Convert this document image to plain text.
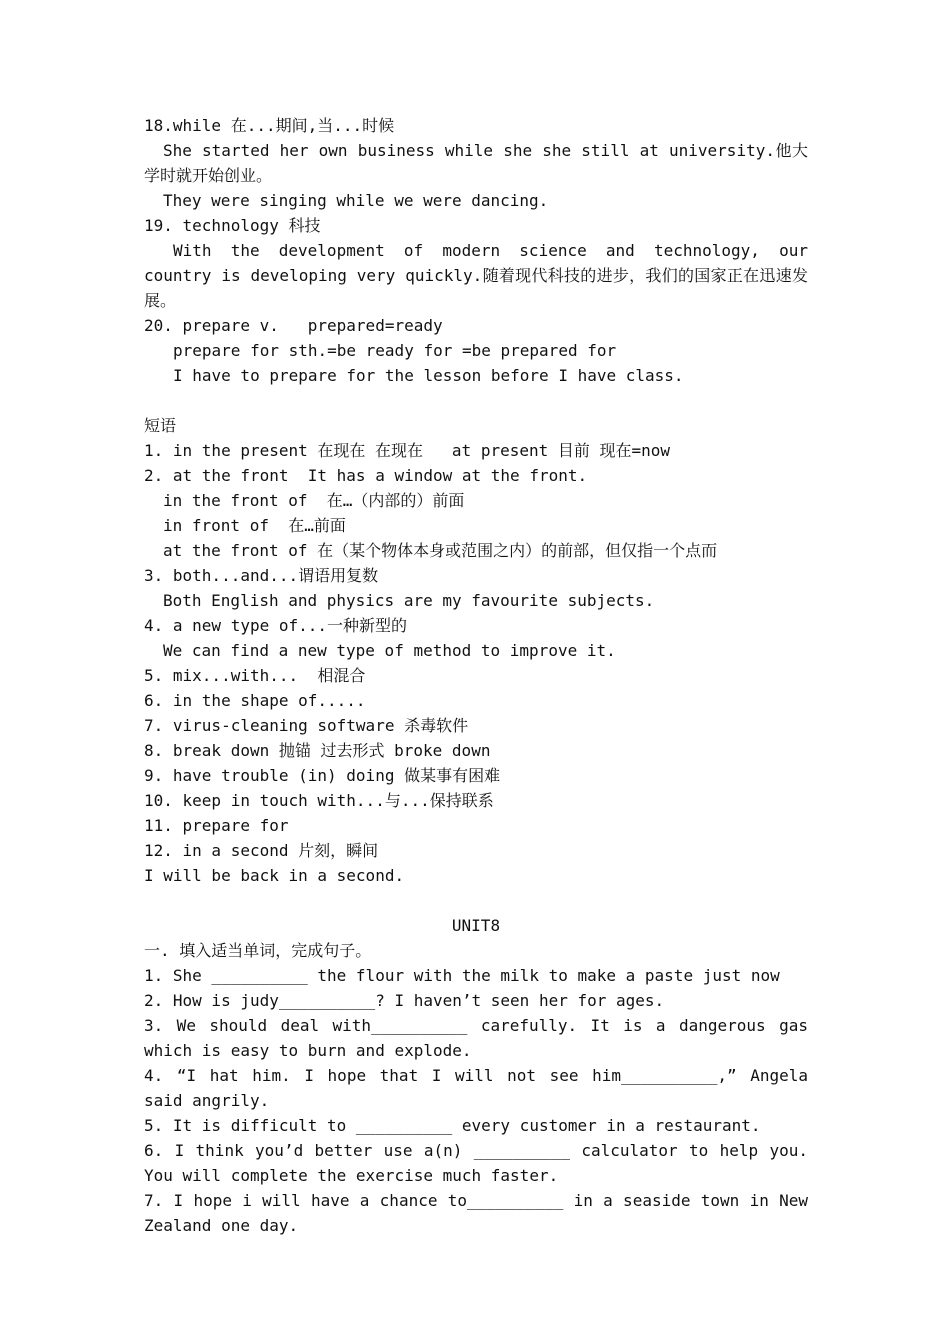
18.while 在...期间,当...时候
She started her own business while she she still at university.他大学时就开始创业。
They were singing while we were dancing.
19. technology 科技
With the development of modern science and technology, our country is developing very quickly.随着现代科技的进步，我们的国家正在迅速发展。
20. prepare v.   prepared=ready
prepare for sth.=be ready for =be prepared for
I have to prepare for the lesson before I have class.
短语
1. in the present 在现在 在现在   at present 目前 现在=now
2. at the front  It has a window at the front.
in the front of  在…（内部的）前面
in front of  在…前面
at the front of 在（某个物体本身或范围之内）的前部，但仅指一个点而
3. both...and...谓语用复数
Both English and physics are my favourite subjects.
4. a new type of...一种新型的
We can find a new type of method to improve it.
5. mix...with...  相混合
6. in the shape of.....
7. virus-cleaning software 杀毒软件
8. break down 抛锚 过去形式 broke down
9. have trouble (in) doing 做某事有困难
10. keep in touch with...与...保持联系
11. prepare for
12. in a second 片刻，瞬间
I will be back in a second.
UNIT8
一. 填入适当单词，完成句子。
1. She __________ the flour with the milk to make a paste just now
2. How is judy__________? I haven’t seen her for ages.
3. We should deal with__________ carefully. It is a dangerous gas which is easy to burn and explode.
4. “I hat him. I hope that I will not see him__________,” Angela said angrily.
5. It is difficult to __________ every customer in a restaurant.
6. I think you’d better use a(n) __________ calculator to help you. You will complete the exercise much faster.
7. I hope i will have a chance to__________ in a seaside town in New Zealand one day.
